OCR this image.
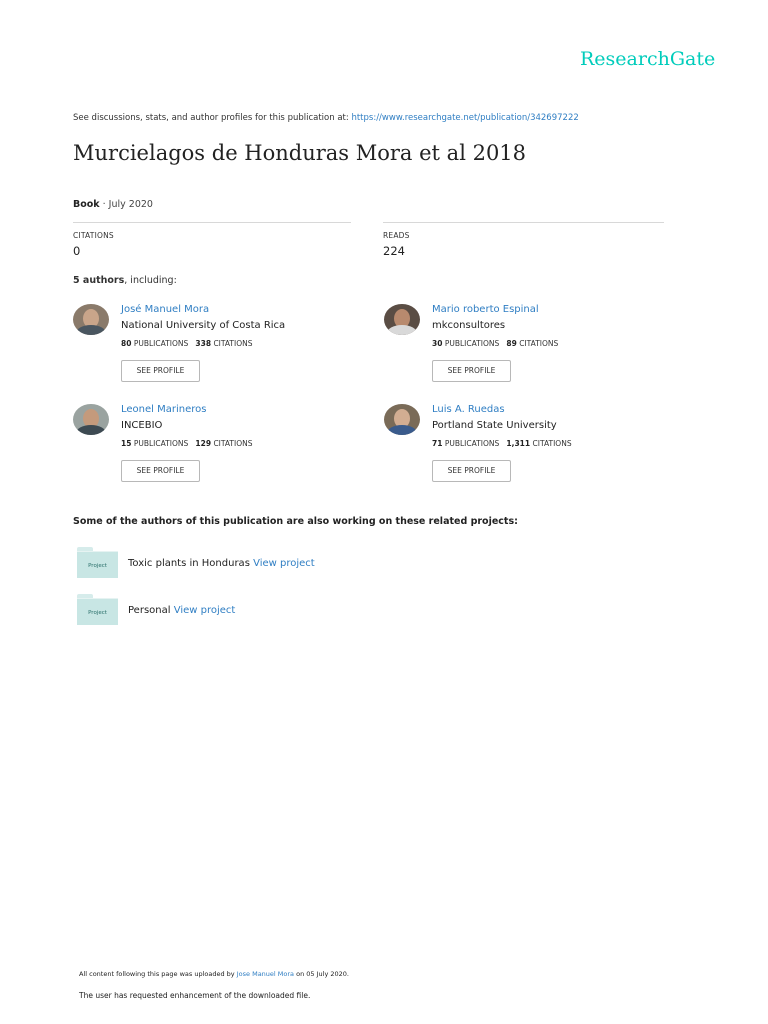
ResearchGate
See discussions, stats, and author profiles for this publication at: https://www.researchgate.net/publication/342697222
Murcielagos de Honduras Mora et al 2018
Book · July 2020
CITATIONS
0
READS
224
5 authors, including:
José Manuel Mora
National University of Costa Rica
80 PUBLICATIONS 338 CITATIONS
SEE PROFILE
Mario roberto Espinal
mkconsultores
30 PUBLICATIONS 89 CITATIONS
SEE PROFILE
Leonel Marineros
INCEBIO
15 PUBLICATIONS 129 CITATIONS
SEE PROFILE
Luis A. Ruedas
Portland State University
71 PUBLICATIONS 1,311 CITATIONS
SEE PROFILE
Some of the authors of this publication are also working on these related projects:
Project	Toxic plants in Honduras View project
Project	Personal View project
All content following this page was uploaded by Jose Manuel Mora on 05 July 2020.
The user has requested enhancement of the downloaded file.
